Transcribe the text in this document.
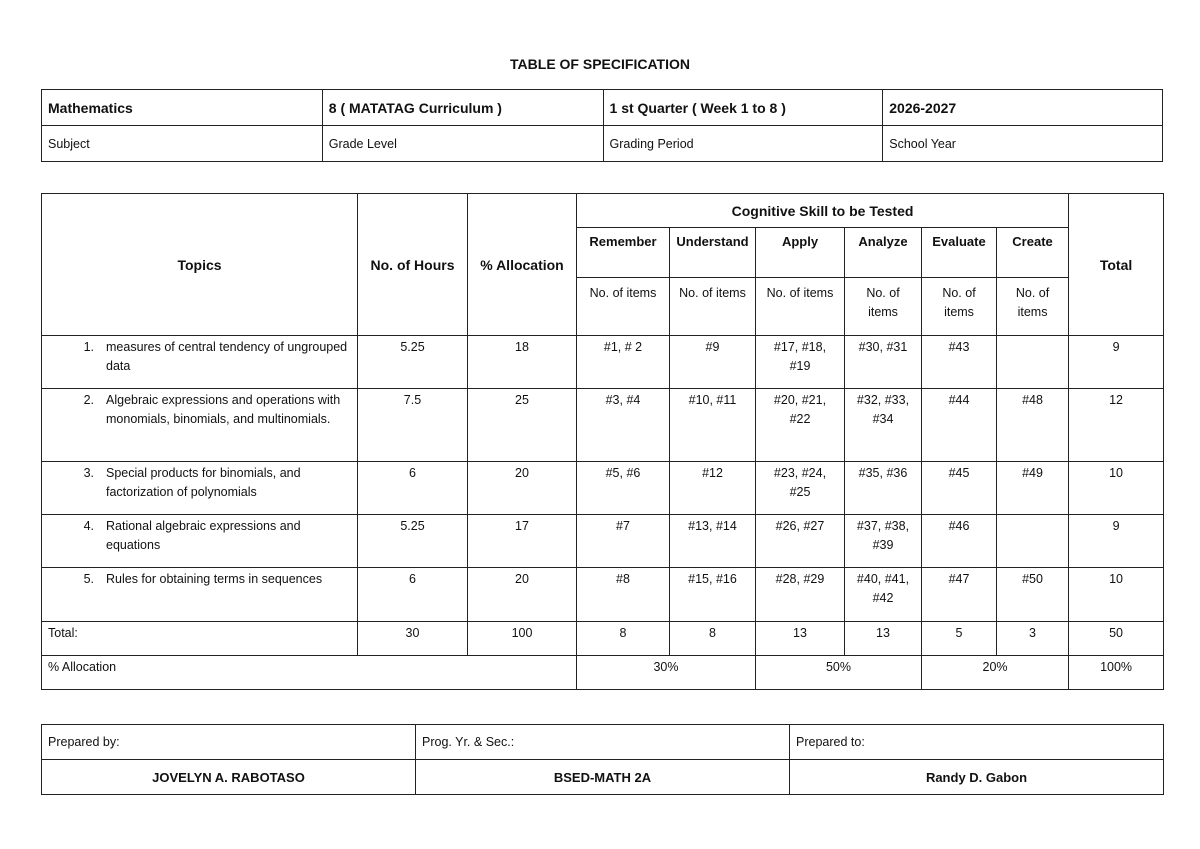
TABLE OF SPECIFICATION
Mathematics	8 ( MATATAG Curriculum )	1 st Quarter ( Week 1 to 8 )	2026-2027
Subject	Grade Level	Grading Period	School Year
Topics	No. of Hours	% Allocation	Cognitive Skill to be Tested						Total
			Remember	Understand	Apply	Analyze	Evaluate	Create	
			No. of items	No. of items	No. of items	No. of items	No. of items	No. of items	

1. measures of central tendency of ungrouped data	5.25	18	#1, # 2	#9	#17, #18, #19	#30, #31	#43		9

2. Algebraic expressions and operations with monomials, binomials, and multinomials.	7.5	25	#3, #4	#10, #11	#20, #21, #22	#32, #33, #34	#44	#48	12

3. Special products for binomials, and factorization of polynomials	6	20	#5, #6	#12	#23, #24, #25	#35, #36	#45	#49	10

4. Rational algebraic expressions and equations	5.25	17	#7	#13, #14	#26, #27	#37, #38, #39	#46		9

5. Rules for obtaining terms in sequences	6	20	#8	#15, #16	#28, #29	#40, #41, #42	#47	#50	10
Total:	30	100	8	8	13	13	5	3	50
% Allocation			30%		50%		20%		100%
Prepared by:	Prog. Yr. & Sec.:	Prepared to:
JOVELYN A. RABOTASO	BSED-MATH 2A	Randy D. Gabon
